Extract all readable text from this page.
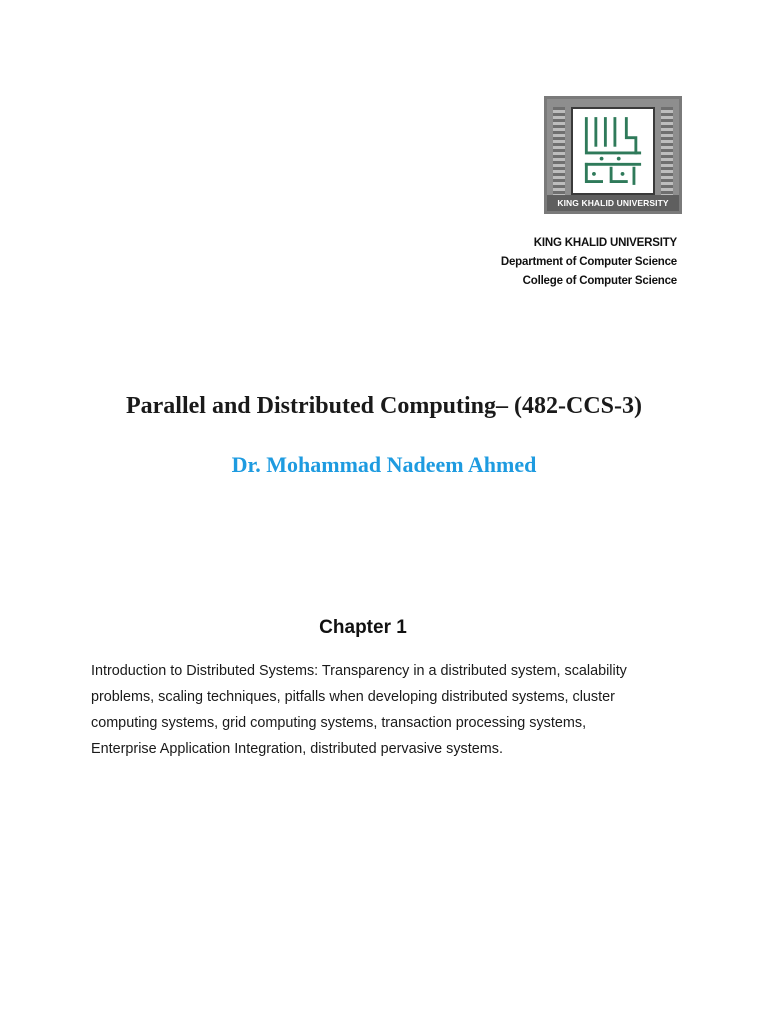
KING KHALID UNIVERSITY
KING KHALID UNIVERSITY
Department of Computer Science
College of Computer Science
Parallel and Distributed Computing– (482-CCS-3)
Dr. Mohammad Nadeem Ahmed
Chapter 1
Introduction to Distributed Systems: Transparency in a distributed system, scalability problems, scaling techniques, pitfalls when developing distributed systems, cluster computing systems, grid computing systems, transaction processing systems, Enterprise Application Integration, distributed pervasive systems.
